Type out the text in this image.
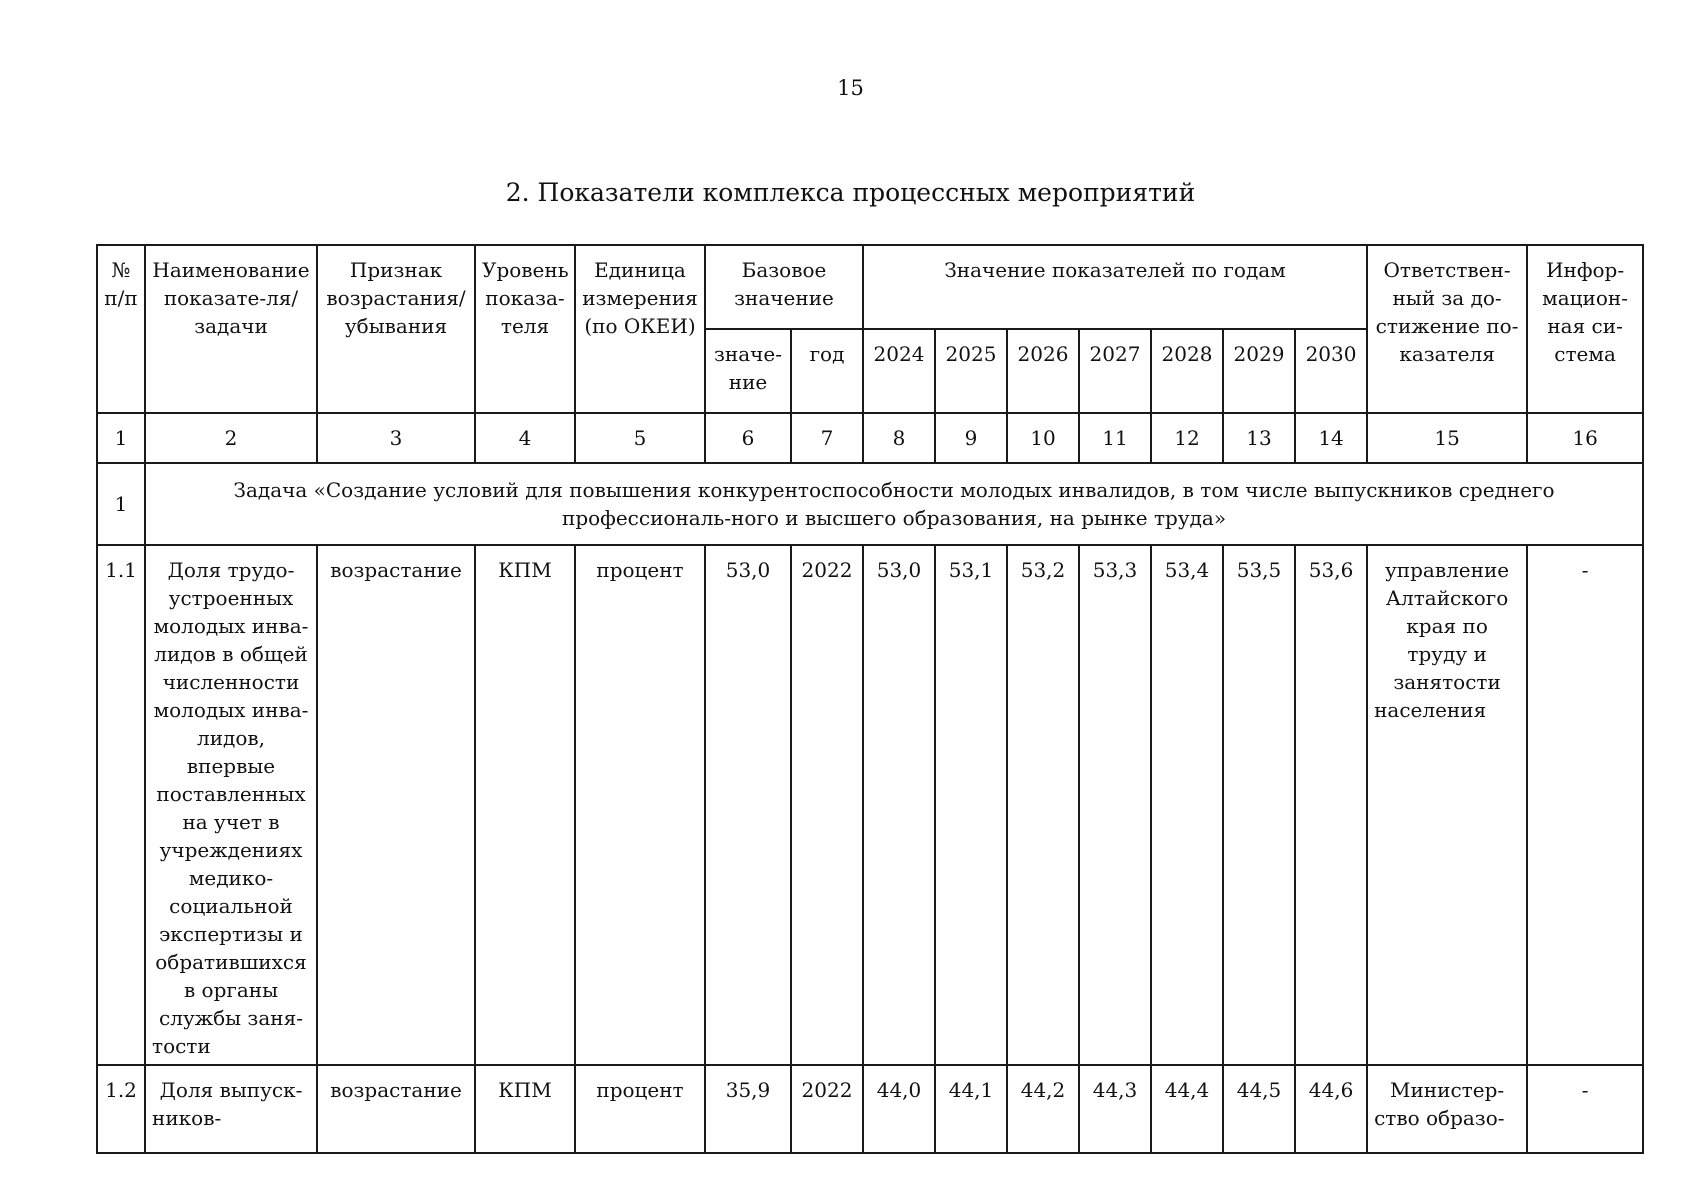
15
2. Показатели комплекса процессных мероприятий
№ п/п	Наименование показате-ля/задачи	Признак возрастания/ убывания	Уровень показа-теля	Единица измерения (по ОКЕИ)	Базовое значение		Значение показателей по годам							Ответствен-ный за до-стижение по-казателя	Инфор-мацион-ная си-стема
					значе-ние	год	2024	2025	2026	2027	2028	2029	2030		
1	2	3	4	5	6	7	8	9	10	11	12	13	14	15	16
1	Задача «Создание условий для повышения конкурентоспособности молодых инвалидов, в том числе выпускников среднего профессиональ-ного и высшего образования, на рынке труда»														
1.1	Доля трудо-устроенных молодых инва-лидов в общей численности молодых инва-лидов, впервые поставленных на учет в учреждениях медико-социальной экспертизы и обратившихся в органы службы заня-тости	возрастание	КПМ	процент	53,0	2022	53,0	53,1	53,2	53,3	53,4	53,5	53,6	управление Алтайского края по труду и занятости населения	-
1.2	Доля выпуск-ников-	возрастание	КПМ	процент	35,9	2022	44,0	44,1	44,2	44,3	44,4	44,5	44,6	Министер-ство образо-	-
